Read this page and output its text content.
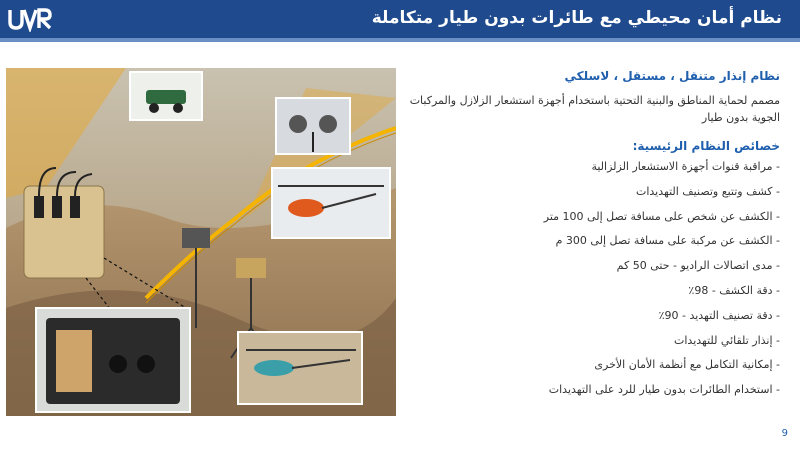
نظام أمان محيطي مع طائرات بدون طيار متكاملة
نظام إنذار متنقل ، مستقل ، لاسلكي
مصمم لحماية المناطق والبنية التحتية باستخدام أجهزة استشعار الزلازل والمركبات الجوية بدون طيار
خصائص النظام الرئيسية:
- مراقبة قنوات أجهزة الاستشعار الزلزالية
- كشف وتتبع وتصنيف التهديدات
- الكشف عن شخص على مسافة تصل إلى 100 متر
- الكشف عن مركبة على مسافة تصل إلى 300 م
- مدى اتصالات الراديو - حتى 50 كم
- دقة الكشف - 98٪
- دقة تصنيف التهديد - 90٪
- إنذار تلقائي للتهديدات
- إمكانية التكامل مع أنظمة الأمان الأخرى
- استخدام الطائرات بدون طيار للرد على التهديدات
9
